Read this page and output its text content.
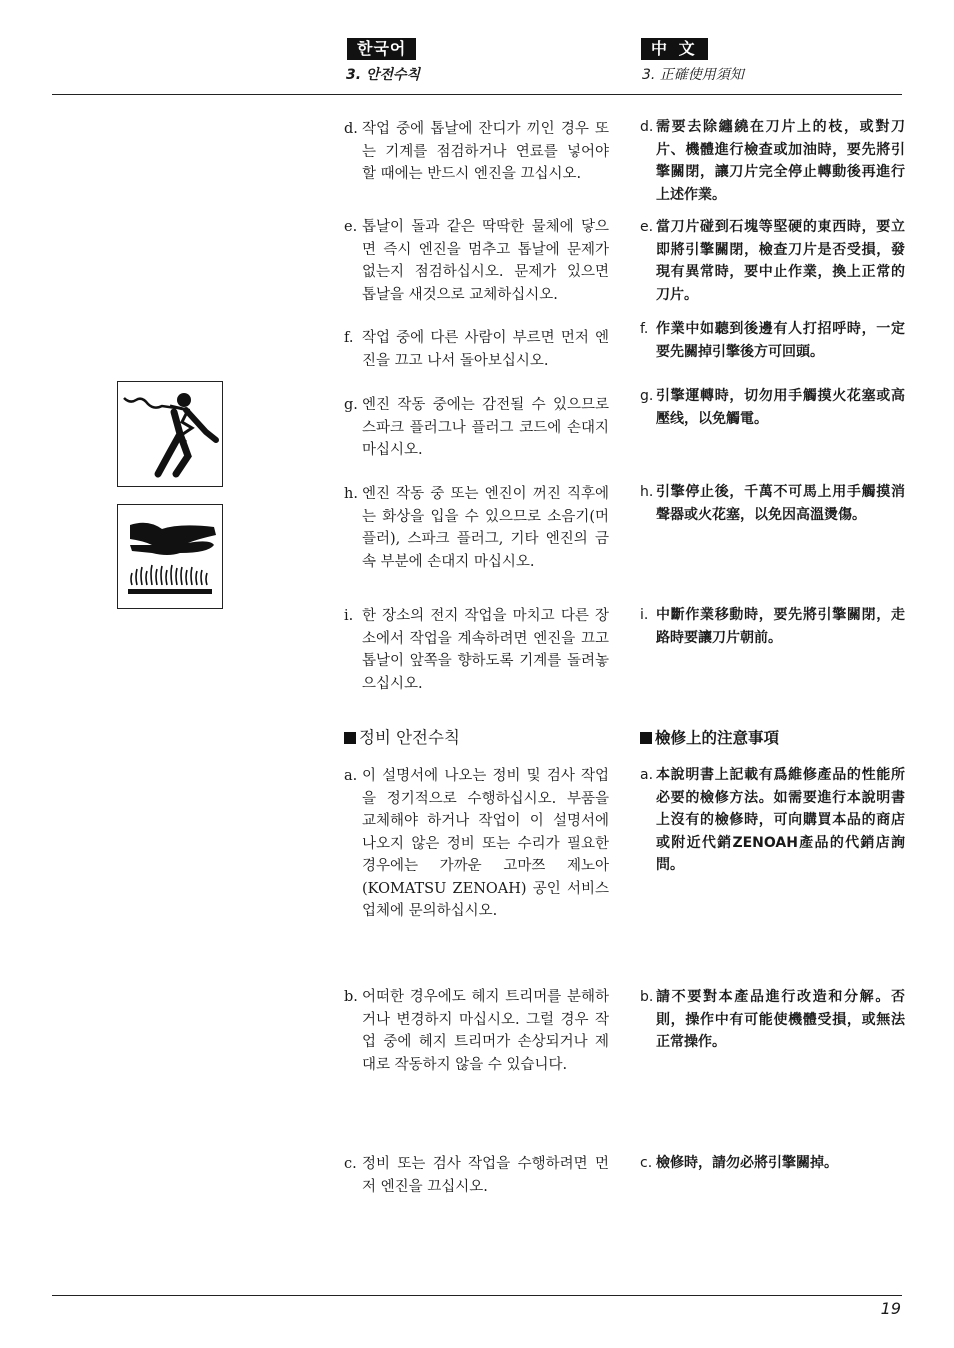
한국어
3. 안전수칙
中 文
3. 正確使用須知
d. 작업 중에 톱날에 잔디가 끼인 경우 또는 기계를 점검하거나 연료를 넣어야 할 때에는 반드시 엔진을 끄십시오.
e. 톱날이 돌과 같은 딱딱한 물체에 닿으면 즉시 엔진을 멈추고 톱날에 문제가 없는지 점검하십시오. 문제가 있으면 톱날을 새것으로 교체하십시오.
f. 작업 중에 다른 사람이 부르면 먼저 엔진을 끄고 나서 돌아보십시오.
g. 엔진 작동 중에는 감전될 수 있으므로 스파크 플러그나 플러그 코드에 손대지 마십시오.
h. 엔진 작동 중 또는 엔진이 꺼진 직후에는 화상을 입을 수 있으므로 소음기(머플러), 스파크 플러그, 기타 엔진의 금속 부분에 손대지 마십시오.
i. 한 장소의 전지 작업을 마치고 다른 장소에서 작업을 계속하려면 엔진을 끄고 톱날이 앞쪽을 향하도록 기계를 돌려놓으십시오.
정비 안전수칙
a. 이 설명서에 나오는 정비 및 검사 작업을 정기적으로 수행하십시오. 부품을 교체해야 하거나 작업이 이 설명서에 나오지 않은 정비 또는 수리가 필요한 경우에는 가까운 고마쯔 제노아 (KOMATSU ZENOAH) 공인 서비스 업체에 문의하십시오.
b. 어떠한 경우에도 헤지 트리머를 분해하거나 변경하지 마십시오. 그럴 경우 작업 중에 헤지 트리머가 손상되거나 제대로 작동하지 않을 수 있습니다.
c. 정비 또는 검사 작업을 수행하려면 먼저 엔진을 끄십시오.
d. 需要去除纏繞在刀片上的枝，或對刀片、機體進行檢查或加油時，要先將引擎關閉，讓刀片完全停止轉動後再進行上述作業。
e. 當刀片碰到石塊等堅硬的東西時，要立即將引擎關閉，檢查刀片是否受損，發現有異常時，要中止作業，換上正常的刀片。
f. 作業中如聽到後邊有人打招呼時，一定要先關掉引擎後方可回頭。
g. 引擎運轉時，切勿用手觸摸火花塞或高壓线，以免觸電。
h. 引擎停止後，千萬不可馬上用手觸摸消聲器或火花塞，以免因高溫燙傷。
i. 中斷作業移動時，要先將引擎關閉，走路時要讓刀片朝前。
檢修上的注意事項
a. 本說明書上記載有爲維修產品的性能所必要的檢修方法。如需要進行本說明書上沒有的檢修時，可向購買本品的商店或附近代銷ZENOAH產品的代銷店詢問。
b. 請不要對本產品進行改造和分解。否則，操作中有可能使機體受損，或無法正常操作。
c. 檢修時，請勿必將引擎關掉。
19
